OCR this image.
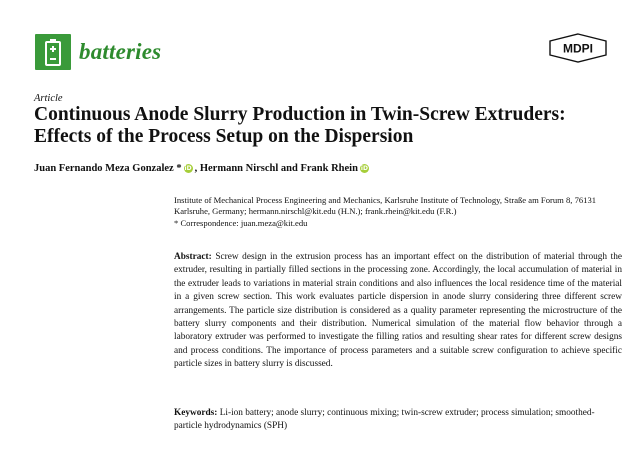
batteries	MDPI
Article
Continuous Anode Slurry Production in Twin-Screw Extruders: Effects of the Process Setup on the Dispersion
Juan Fernando Meza Gonzalez * iD , Hermann Nirschl and Frank Rhein iD
Institute of Mechanical Process Engineering and Mechanics, Karlsruhe Institute of Technology, Straße am Forum 8, 76131 Karlsruhe, Germany; hermann.nirschl@kit.edu (H.N.); frank.rhein@kit.edu (F.R.)
* Correspondence: juan.meza@kit.edu
Abstract: Screw design in the extrusion process has an important effect on the distribution of material through the extruder, resulting in partially filled sections in the processing zone. Accordingly, the local accumulation of material in the extruder leads to variations in material strain conditions and also influences the local residence time of the material in a given screw section. This work evaluates particle dispersion in anode slurry considering three different screw arrangements. The particle size distribution is considered as a quality parameter representing the microstructure of the battery slurry components and their distribution. Numerical simulation of the material flow behavior through a laboratory extruder was performed to investigate the filling ratios and resulting shear rates for different screw designs and process conditions. The importance of process parameters and a suitable screw configuration to achieve specific particle sizes in battery slurry is discussed.
Keywords: Li-ion battery; anode slurry; continuous mixing; twin-screw extruder; process simulation; smoothed-particle hydrodynamics (SPH)
